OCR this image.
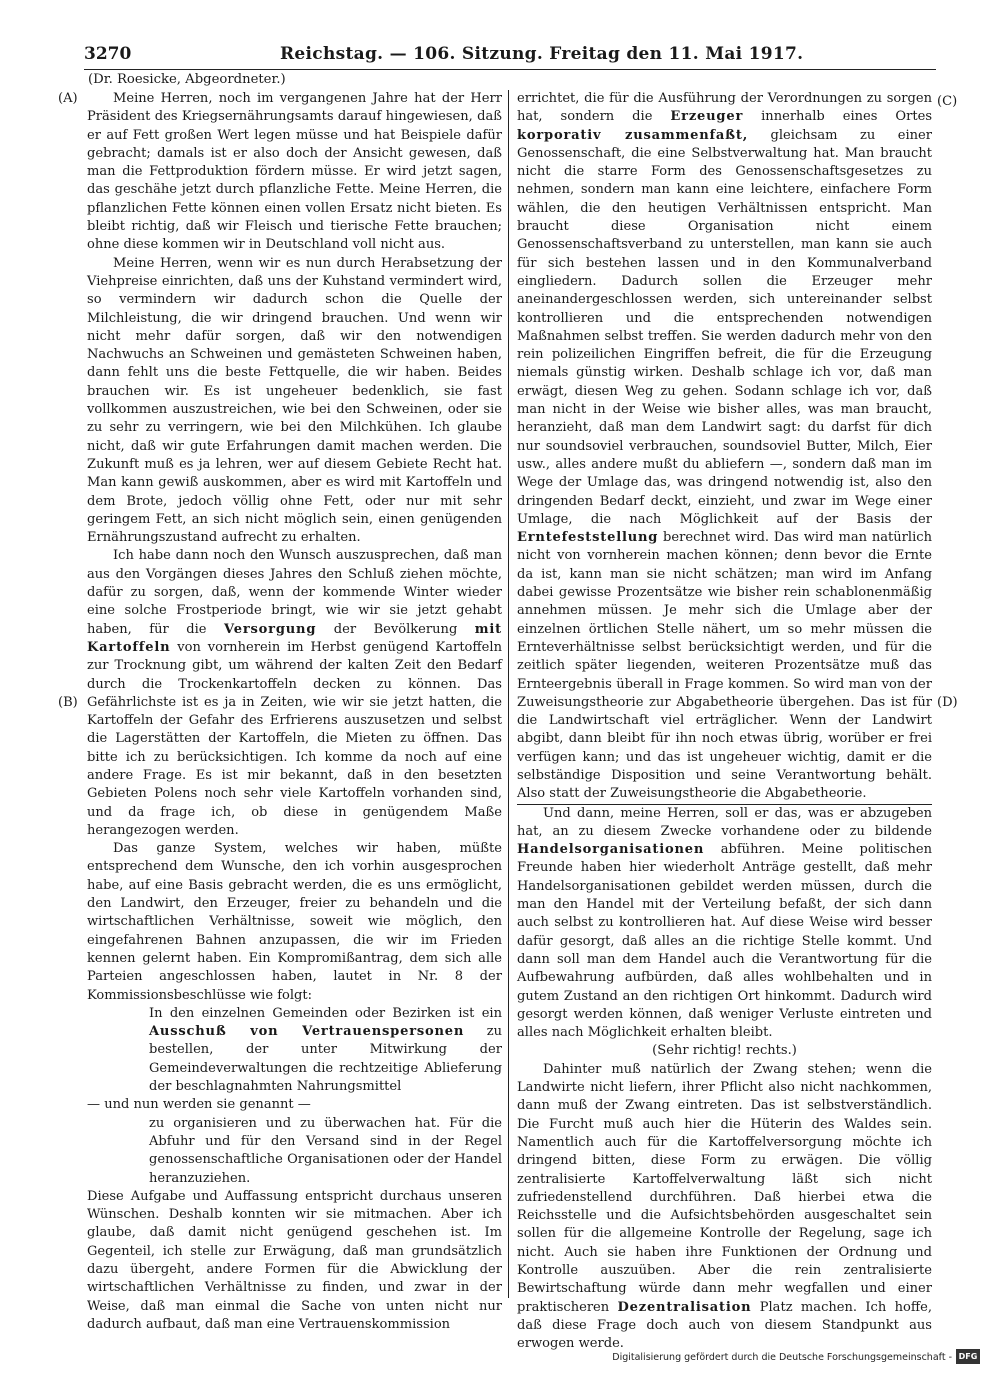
3270	Reichstag. — 106. Sitzung. Freitag den 11. Mai 1917.
(Dr. Roesicke, Abgeordneter.)
(A)
(B)
(C)
(D)

Meine Herren, noch im vergangenen Jahre hat der Herr Präsident des Kriegsernährungsamts darauf hingewiesen, daß er auf Fett großen Wert legen müsse und hat Beispiele dafür gebracht; damals ist er also doch der Ansicht gewesen, daß man die Fettproduktion fördern müsse. Er wird jetzt sagen, das geschähe jetzt durch pflanzliche Fette. Meine Herren, die pflanzlichen Fette können einen vollen Ersatz nicht bieten. Es bleibt richtig, daß wir Fleisch und tierische Fette brauchen; ohne diese kommen wir in Deutschland voll nicht aus.

Meine Herren, wenn wir es nun durch Herabsetzung der Viehpreise einrichten, daß uns der Kuhstand vermindert wird, so vermindern wir dadurch schon die Quelle der Milchleistung, die wir dringend brauchen. Und wenn wir nicht mehr dafür sorgen, daß wir den notwendigen Nachwuchs an Schweinen und gemästeten Schweinen haben, dann fehlt uns die beste Fettquelle, die wir haben. Beides brauchen wir. Es ist ungeheuer bedenklich, sie fast vollkommen auszustreichen, wie bei den Schweinen, oder sie zu sehr zu verringern, wie bei den Milchkühen. Ich glaube nicht, daß wir gute Erfahrungen damit machen werden. Die Zukunft muß es ja lehren, wer auf diesem Gebiete Recht hat. Man kann gewiß auskommen, aber es wird mit Kartoffeln und dem Brote, jedoch völlig ohne Fett, oder nur mit sehr geringem Fett, an sich nicht möglich sein, einen genügenden Ernährungszustand aufrecht zu erhalten.

Ich habe dann noch den Wunsch auszusprechen, daß man aus den Vorgängen dieses Jahres den Schluß ziehen möchte, dafür zu sorgen, daß, wenn der kommende Winter wieder eine solche Frostperiode bringt, wie wir sie jetzt gehabt haben, für die Versorgung der Bevölkerung mit Kartoffeln von vornherein im Herbst genügend Kartoffeln zur Trocknung gibt, um während der kalten Zeit den Bedarf durch die Trockenkartoffeln decken zu können. Das Gefährlichste ist es ja in Zeiten, wie wir sie jetzt hatten, die Kartoffeln der Gefahr des Erfrierens auszusetzen und selbst die Lagerstätten der Kartoffeln, die Mieten zu öffnen. Das bitte ich zu berücksichtigen. Ich komme da noch auf eine andere Frage. Es ist mir bekannt, daß in den besetzten Gebieten Polens noch sehr viele Kartoffeln vorhanden sind, und da frage ich, ob diese in genügendem Maße herangezogen werden.

Das ganze System, welches wir haben, müßte entsprechend dem Wunsche, den ich vorhin ausgesprochen habe, auf eine Basis gebracht werden, die es uns ermöglicht, den Landwirt, den Erzeuger, freier zu behandeln und die wirtschaftlichen Verhältnisse, soweit wie möglich, den eingefahrenen Bahnen anzupassen, die wir im Frieden kennen gelernt haben. Ein Kompromißantrag, dem sich alle Parteien angeschlossen haben, lautet in Nr. 8 der Kommissionsbeschlüsse wie folgt:

In den einzelnen Gemeinden oder Bezirken ist ein Ausschuß von Vertrauenspersonen zu bestellen, der unter Mitwirkung der Gemeindeverwaltungen die rechtzeitige Ablieferung der beschlagnahmten Nahrungsmittel

— und nun werden sie genannt —

zu organisieren und zu überwachen hat. Für die Abfuhr und für den Versand sind in der Regel genossenschaftliche Organisationen oder der Handel heranzuziehen.

Diese Aufgabe und Auffassung entspricht durchaus unseren Wünschen. Deshalb konnten wir sie mitmachen. Aber ich glaube, daß damit nicht genügend geschehen ist. Im Gegenteil, ich stelle zur Erwägung, daß man grundsätzlich dazu übergeht, andere Formen für die Abwicklung der wirtschaftlichen Verhältnisse zu finden, und zwar in der Weise, daß man einmal die Sache von unten nicht nur dadurch aufbaut, daß man eine Vertrauenskommission

errichtet, die für die Ausführung der Verordnungen zu sorgen hat, sondern die Erzeuger innerhalb eines Ortes korporativ zusammenfaßt, gleichsam zu einer Genossenschaft, die eine Selbstverwaltung hat. Man braucht nicht die starre Form des Genossenschaftsgesetzes zu nehmen, sondern man kann eine leichtere, einfachere Form wählen, die den heutigen Verhältnissen entspricht. Man braucht diese Organisation nicht einem Genossenschaftsverband zu unterstellen, man kann sie auch für sich bestehen lassen und in den Kommunalverband eingliedern. Dadurch sollen die Erzeuger mehr aneinandergeschlossen werden, sich untereinander selbst kontrollieren und die entsprechenden notwendigen Maßnahmen selbst treffen. Sie werden dadurch mehr von den rein polizeilichen Eingriffen befreit, die für die Erzeugung niemals günstig wirken. Deshalb schlage ich vor, daß man erwägt, diesen Weg zu gehen. Sodann schlage ich vor, daß man nicht in der Weise wie bisher alles, was man braucht, heranzieht, daß man dem Landwirt sagt: du darfst für dich nur soundsoviel verbrauchen, soundsoviel Butter, Milch, Eier usw., alles andere mußt du abliefern —, sondern daß man im Wege der Umlage das, was dringend notwendig ist, also den dringenden Bedarf deckt, einzieht, und zwar im Wege einer Umlage, die nach Möglichkeit auf der Basis der Erntefeststellung berechnet wird. Das wird man natürlich nicht von vornherein machen können; denn bevor die Ernte da ist, kann man sie nicht schätzen; man wird im Anfang dabei gewisse Prozentsätze wie bisher rein schablonenmäßig annehmen müssen. Je mehr sich die Umlage aber der einzelnen örtlichen Stelle nähert, um so mehr müssen die Ernteverhältnisse selbst berücksichtigt werden, und für die zeitlich später liegenden, weiteren Prozentsätze muß das Ernteergebnis überall in Frage kommen. So wird man von der Zuweisungstheorie zur Abgabetheorie übergehen. Das ist für die Landwirtschaft viel erträglicher. Wenn der Landwirt abgibt, dann bleibt für ihn noch etwas übrig, worüber er frei verfügen kann; und das ist ungeheuer wichtig, damit er die selbständige Disposition und seine Verantwortung behält. Also statt der Zuweisungstheorie die Abgabetheorie.

Und dann, meine Herren, soll er das, was er abzugeben hat, an zu diesem Zwecke vorhandene oder zu bildende Handelsorganisationen abführen. Meine politischen Freunde haben hier wiederholt Anträge gestellt, daß mehr Handelsorganisationen gebildet werden müssen, durch die man den Handel mit der Verteilung befaßt, der sich dann auch selbst zu kontrollieren hat. Auf diese Weise wird besser dafür gesorgt, daß alles an die richtige Stelle kommt. Und dann soll man dem Handel auch die Verantwortung für die Aufbewahrung aufbürden, daß alles wohlbehalten und in gutem Zustand an den richtigen Ort hinkommt. Dadurch wird gesorgt werden können, daß weniger Verluste eintreten und alles nach Möglichkeit erhalten bleibt.

(Sehr richtig! rechts.)

Dahinter muß natürlich der Zwang stehen; wenn die Landwirte nicht liefern, ihrer Pflicht also nicht nachkommen, dann muß der Zwang eintreten. Das ist selbstverständlich. Die Furcht muß auch hier die Hüterin des Waldes sein. Namentlich auch für die Kartoffelversorgung möchte ich dringend bitten, diese Form zu erwägen. Die völlig zentralisierte Kartoffelverwaltung läßt sich nicht zufriedenstellend durchführen. Daß hierbei etwa die Reichsstelle und die Aufsichtsbehörden ausgeschaltet sein sollen für die allgemeine Kontrolle der Regelung, sage ich nicht. Auch sie haben ihre Funktionen der Ordnung und Kontrolle auszuüben. Aber die rein zentralisierte Bewirtschaftung würde dann mehr wegfallen und einer praktischeren Dezentralisation Platz machen. Ich hoffe, daß diese Frage doch auch von diesem Standpunkt aus erwogen werde.

Digitalisierung gefördert durch die Deutsche Forschungsgemeinschaft - DFG
